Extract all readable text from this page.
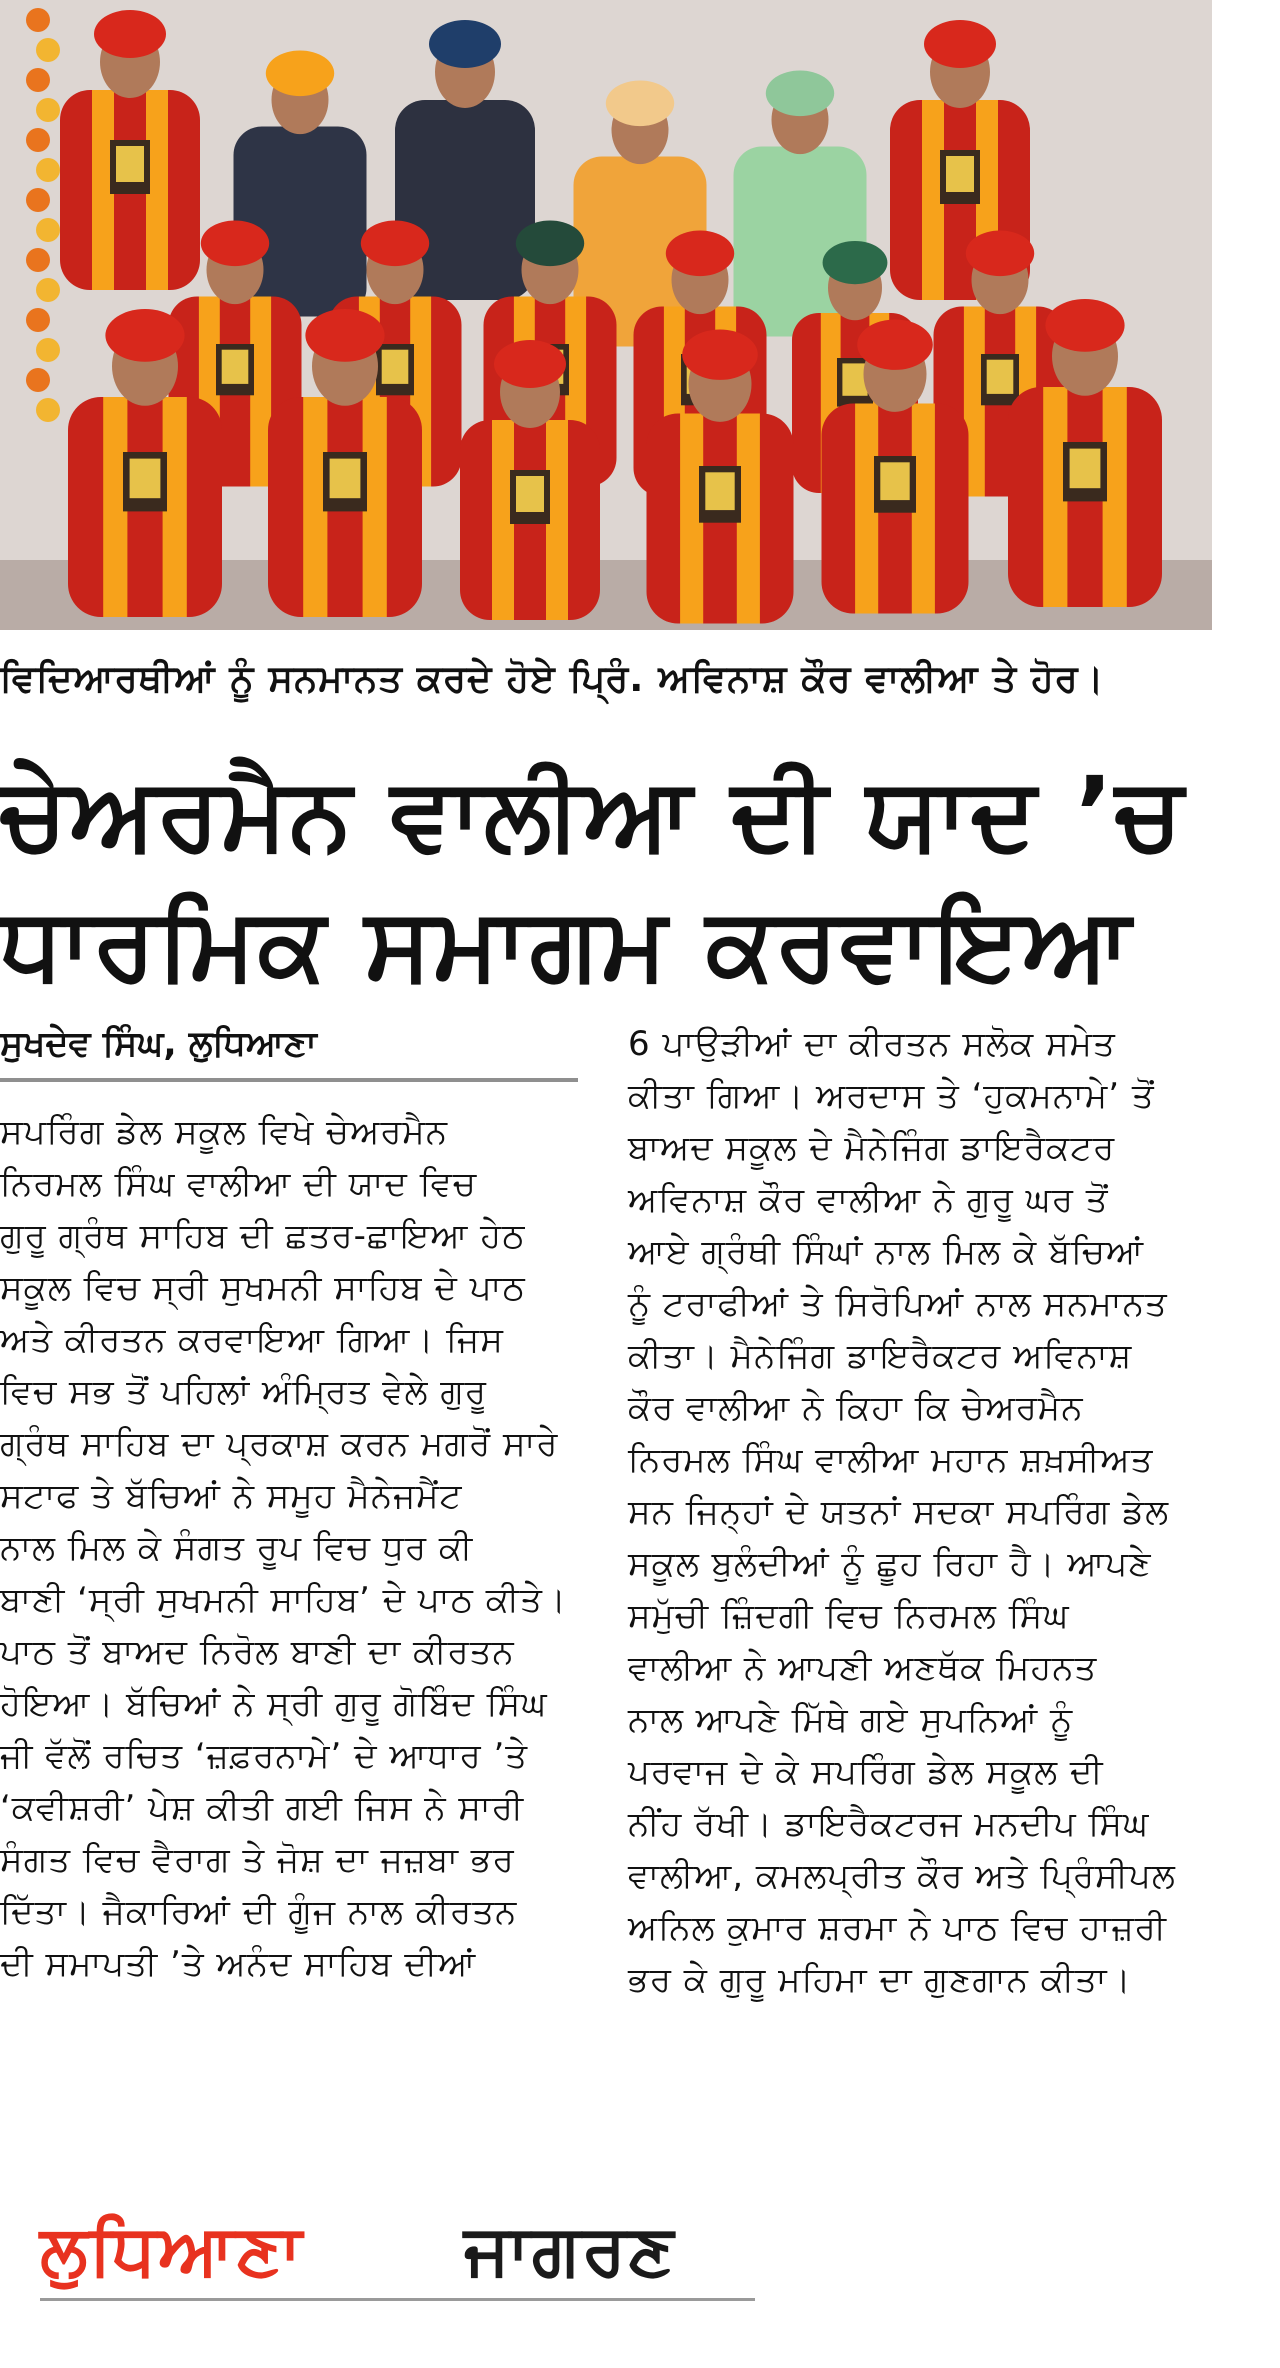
ਵਿਦਿਆਰਥੀਆਂ ਨੂੰ ਸਨਮਾਨਤ ਕਰਦੇ ਹੋਏ ਪ੍ਰਿੰ. ਅਵਿਨਾਸ਼ ਕੌਰ ਵਾਲੀਆ ਤੇ ਹੋਰ।
ਚੇਅਰਮੈਨ ਵਾਲੀਆ ਦੀ ਯਾਦ ’ਚ
ਧਾਰਮਿਕ ਸਮਾਗਮ ਕਰਵਾਇਆ
ਸੁਖਦੇਵ ਸਿੰਘ, ਲੁਧਿਆਣਾ

ਸਪਰਿੰਗ ਡੇਲ ਸਕੂਲ ਵਿਖੇ ਚੇਅਰਮੈਨ

ਨਿਰਮਲ ਸਿੰਘ ਵਾਲੀਆ ਦੀ ਯਾਦ ਵਿਚ

ਗੁਰੂ ਗ੍ਰੰਥ ਸਾਹਿਬ ਦੀ ਛਤਰ-ਛਾਇਆ ਹੇਠ

ਸਕੂਲ ਵਿਚ ਸ੍ਰੀ ਸੁਖਮਨੀ ਸਾਹਿਬ ਦੇ ਪਾਠ

ਅਤੇ ਕੀਰਤਨ ਕਰਵਾਇਆ ਗਿਆ। ਜਿਸ

ਵਿਚ ਸਭ ਤੋਂ ਪਹਿਲਾਂ ਅੰਮ੍ਰਿਤ ਵੇਲੇ ਗੁਰੂ

ਗ੍ਰੰਥ ਸਾਹਿਬ ਦਾ ਪ੍ਰਕਾਸ਼ ਕਰਨ ਮਗਰੋਂ ਸਾਰੇ

ਸਟਾਫ ਤੇ ਬੱਚਿਆਂ ਨੇ ਸਮੂਹ ਮੈਨੇਜਮੈਂਟ

ਨਾਲ ਮਿਲ ਕੇ ਸੰਗਤ ਰੂਪ ਵਿਚ ਧੁਰ ਕੀ

ਬਾਣੀ ‘ਸ੍ਰੀ ਸੁਖਮਨੀ ਸਾਹਿਬ’ ਦੇ ਪਾਠ ਕੀਤੇ।

ਪਾਠ ਤੋਂ ਬਾਅਦ ਨਿਰੋਲ ਬਾਣੀ ਦਾ ਕੀਰਤਨ

ਹੋਇਆ। ਬੱਚਿਆਂ ਨੇ ਸ੍ਰੀ ਗੁਰੂ ਗੋਬਿੰਦ ਸਿੰਘ

ਜੀ ਵੱਲੋਂ ਰਚਿਤ ‘ਜ਼ਫ਼ਰਨਾਮੇ’ ਦੇ ਆਧਾਰ ’ਤੇ

‘ਕਵੀਸ਼ਰੀ’ ਪੇਸ਼ ਕੀਤੀ ਗਈ ਜਿਸ ਨੇ ਸਾਰੀ

ਸੰਗਤ ਵਿਚ ਵੈਰਾਗ ਤੇ ਜੋਸ਼ ਦਾ ਜਜ਼ਬਾ ਭਰ

ਦਿੱਤਾ। ਜੈਕਾਰਿਆਂ ਦੀ ਗੂੰਜ ਨਾਲ ਕੀਰਤਨ

ਦੀ ਸਮਾਪਤੀ ’ਤੇ ਅਨੰਦ ਸਾਹਿਬ ਦੀਆਂ

6 ਪਾਉੜੀਆਂ ਦਾ ਕੀਰਤਨ ਸਲੋਕ ਸਮੇਤ

ਕੀਤਾ ਗਿਆ। ਅਰਦਾਸ ਤੇ ‘ਹੁਕਮਨਾਮੇ’ ਤੋਂ

ਬਾਅਦ ਸਕੂਲ ਦੇ ਮੈਨੇਜਿੰਗ ਡਾਇਰੈਕਟਰ

ਅਵਿਨਾਸ਼ ਕੌਰ ਵਾਲੀਆ ਨੇ ਗੁਰੂ ਘਰ ਤੋਂ

ਆਏ ਗ੍ਰੰਥੀ ਸਿੰਘਾਂ ਨਾਲ ਮਿਲ ਕੇ ਬੱਚਿਆਂ

ਨੂੰ ਟਰਾਫੀਆਂ ਤੇ ਸਿਰੋਪਿਆਂ ਨਾਲ ਸਨਮਾਨਤ

ਕੀਤਾ। ਮੈਨੇਜਿੰਗ ਡਾਇਰੈਕਟਰ ਅਵਿਨਾਸ਼

ਕੌਰ ਵਾਲੀਆ ਨੇ ਕਿਹਾ ਕਿ ਚੇਅਰਮੈਨ

ਨਿਰਮਲ ਸਿੰਘ ਵਾਲੀਆ ਮਹਾਨ ਸ਼ਖ਼ਸੀਅਤ

ਸਨ ਜਿਨ੍ਹਾਂ ਦੇ ਯਤਨਾਂ ਸਦਕਾ ਸਪਰਿੰਗ ਡੇਲ

ਸਕੂਲ ਬੁਲੰਦੀਆਂ ਨੂੰ ਛੂਹ ਰਿਹਾ ਹੈ। ਆਪਣੇ

ਸਮੁੱਚੀ ਜ਼ਿੰਦਗੀ ਵਿਚ ਨਿਰਮਲ ਸਿੰਘ

ਵਾਲੀਆ ਨੇ ਆਪਣੀ ਅਣਥੱਕ ਮਿਹਨਤ

ਨਾਲ ਆਪਣੇ ਮਿੱਥੇ ਗਏ ਸੁਪਨਿਆਂ ਨੂੰ

ਪਰਵਾਜ ਦੇ ਕੇ ਸਪਰਿੰਗ ਡੇਲ ਸਕੂਲ ਦੀ

ਨੀਂਹ ਰੱਖੀ। ਡਾਇਰੈਕਟਰਜ ਮਨਦੀਪ ਸਿੰਘ

ਵਾਲੀਆ, ਕਮਲਪ੍ਰੀਤ ਕੌਰ ਅਤੇ ਪ੍ਰਿੰਸੀਪਲ

ਅਨਿਲ ਕੁਮਾਰ ਸ਼ਰਮਾ ਨੇ ਪਾਠ ਵਿਚ ਹਾਜ਼ਰੀ

ਭਰ ਕੇ ਗੁਰੂ ਮਹਿਮਾ ਦਾ ਗੁਣਗਾਨ ਕੀਤਾ।

ਲੁਧਿਆਣਾ ਜਾਗਰਣ
